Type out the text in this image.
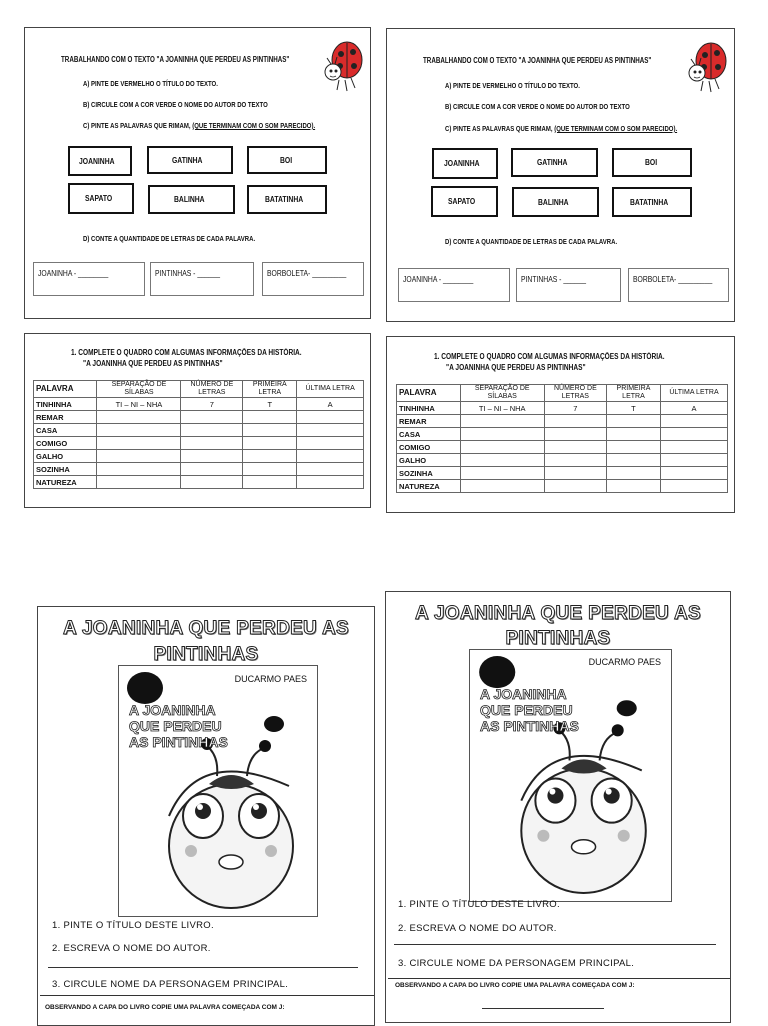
TRABALHANDO COM O TEXTO "A JOANINHA QUE PERDEU AS PINTINHAS"
A) PINTE DE VERMELHO O TÍTULO DO TEXTO.
B) CIRCULE COM A COR VERDE O NOME DO AUTOR DO TEXTO
C) PINTE AS PALAVRAS QUE RIMAM, (QUE TERMINAM COM O SOM PARECIDO).
JOANINHA	GATINHA	BOI
SAPATO	BALINHA	BATATINHA
D) CONTE A QUANTIDADE DE LETRAS DE CADA PALAVRA.
JOANINHA - ________	PINTINHAS - ______	BORBOLETA- _________
TRABALHANDO COM O TEXTO "A JOANINHA QUE PERDEU AS PINTINHAS"
A) PINTE DE VERMELHO O TÍTULO DO TEXTO.
B) CIRCULE COM A COR VERDE O NOME DO AUTOR DO TEXTO
C) PINTE AS PALAVRAS QUE RIMAM, (QUE TERMINAM COM O SOM PARECIDO).
JOANINHA	GATINHA	BOI
SAPATO	BALINHA	BATATINHA
D) CONTE A QUANTIDADE DE LETRAS DE CADA PALAVRA.
JOANINHA - ________	PINTINHAS - ______	BORBOLETA- _________
1. COMPLETE O QUADRO COM ALGUMAS INFORMAÇÕES DA HISTÓRIA.
"A JOANINHA QUE PERDEU AS PINTINHAS"
PALAVRA	SEPARAÇÃO DE SÍLABAS	NÚMERO DE LETRAS	PRIMEIRA LETRA	ÚLTIMA LETRA
TINHINHA	TI – NI – NHA	7	T	A
REMAR				
CASA				
COMIGO				
GALHO				
SOZINHA				
NATUREZA				
1. COMPLETE O QUADRO COM ALGUMAS INFORMAÇÕES DA HISTÓRIA.
"A JOANINHA QUE PERDEU AS PINTINHAS"
PALAVRA	SEPARAÇÃO DE SÍLABAS	NÚMERO DE LETRAS	PRIMEIRA LETRA	ÚLTIMA LETRA
TINHINHA	TI – NI – NHA	7	T	A
REMAR				
CASA				
COMIGO				
GALHO				
SOZINHA				
NATUREZA				
A JOANINHA QUE PERDEU AS
PINTINHAS
DUCARMO PAES
A JOANINHA
QUE PERDEU
AS PINTINHAS
1. PINTE O TÍTULO DESTE LIVRO.
2. ESCREVA O NOME DO AUTOR.
3. CIRCULE NOME DA PERSONAGEM PRINCIPAL.
OBSERVANDO A CAPA DO LIVRO COPIE UMA PALAVRA COMEÇADA COM J:
A JOANINHA QUE PERDEU AS
PINTINHAS
DUCARMO PAES
A JOANINHA
QUE PERDEU
AS PINTINHAS
1. PINTE O TÍTULO DESTE LIVRO.
2. ESCREVA O NOME DO AUTOR.
3. CIRCULE NOME DA PERSONAGEM PRINCIPAL.
OBSERVANDO A CAPA DO LIVRO COPIE UMA PALAVRA COMEÇADA COM J:
